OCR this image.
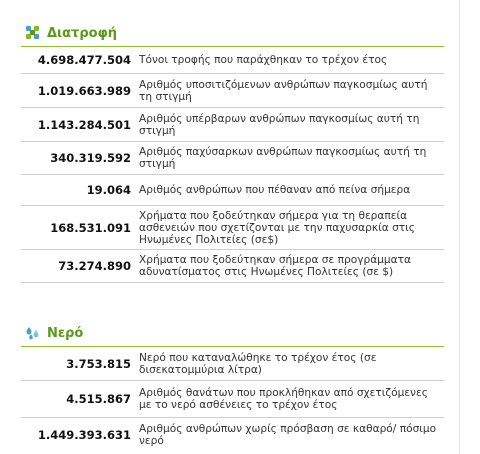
Διατροφή
4.698.477.504 Τόνοι τροφής που παράχθηκαν το τρέχον έτος
1.019.663.989 Αριθμός υποσιτιζόμενων ανθρώπων παγκοσμίως αυτή τη στιγμή
1.143.284.501 Αριθμός υπέρβαρων ανθρώπων παγκοσμίως αυτή τη στιγμή
340.319.592 Αριθμός παχύσαρκων ανθρώπων παγκοσμίως αυτή τη στιγμή
19.064 Αριθμός ανθρώπων που πέθαναν από πείνα σήμερα
168.531.091
Χρήματα που ξοδεύτηκαν σήμερα για τη θεραπεία ασθενειών που σχετίζονται με την παχυσαρκία στις Ηνωμένες Πολιτείες (σε$)
73.274.890 Χρήματα που ξοδεύτηκαν σήμερα σε προγράμματα αδυνατίσματος στις Ηνωμένες Πολιτείες (σε $)
Νερό
3.753.815 Νερό που καταναλώθηκε το τρέχον έτος (σε δισεκατομμύρια λίτρα)
4.515.867 Αριθμός θανάτων που προκλήθηκαν από σχετιζόμενες με το νερό ασθένειες το τρέχον έτος
1.449.393.631 Αριθμός ανθρώπων χωρίς πρόσβαση σε καθαρό/ πόσιμο νερό
